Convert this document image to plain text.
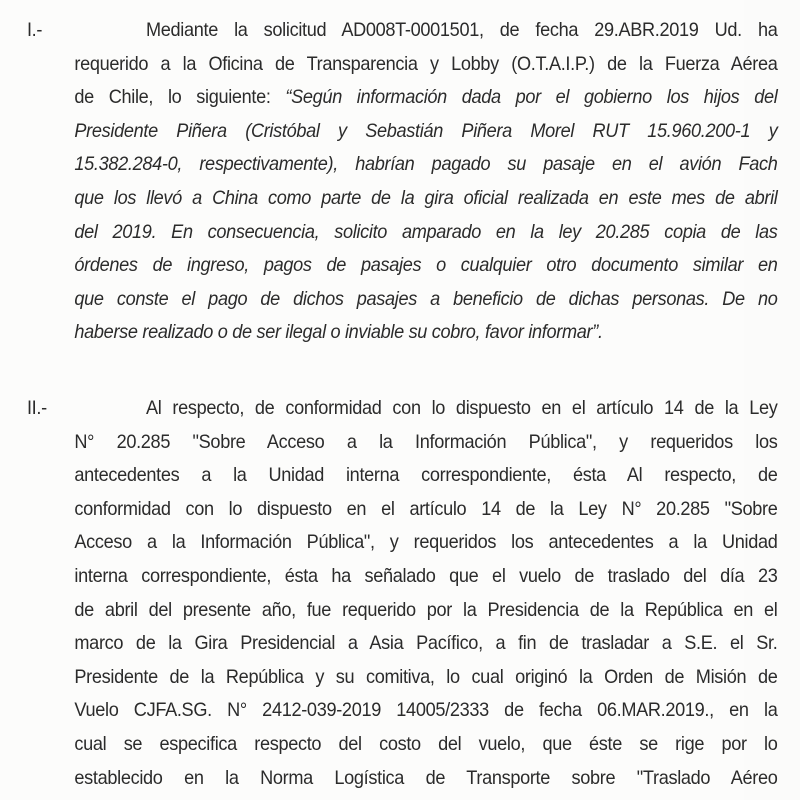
I.-	Mediante la solicitud AD008T-0001501, de fecha 29.ABR.2019 Ud. ha
requerido a la Oficina de Transparencia y Lobby (O.T.A.I.P.) de la Fuerza Aérea
de Chile, lo siguiente: “Según información dada por el gobierno los hijos del
Presidente Piñera (Cristóbal y Sebastián Piñera Morel RUT 15.960.200-1 y
15.382.284-0, respectivamente), habrían pagado su pasaje en el avión Fach
que los llevó a China como parte de la gira oficial realizada en este mes de abril
del 2019. En consecuencia, solicito amparado en la ley 20.285 copia de las
órdenes de ingreso, pagos de pasajes o cualquier otro documento similar en
que conste el pago de dichos pasajes a beneficio de dichas personas. De no
haberse realizado o de ser ilegal o inviable su cobro, favor informar”.
II.-	Al respecto, de conformidad con lo dispuesto en el artículo 14 de la Ley
N° 20.285 "Sobre Acceso a la Información Pública", y requeridos los
antecedentes a la Unidad interna correspondiente, ésta Al respecto, de
conformidad con lo dispuesto en el artículo 14 de la Ley N° 20.285 "Sobre
Acceso a la Información Pública", y requeridos los antecedentes a la Unidad
interna correspondiente, ésta ha señalado que el vuelo de traslado del día 23
de abril del presente año, fue requerido por la Presidencia de la República en el
marco de la Gira Presidencial a Asia Pacífico, a fin de trasladar a S.E. el Sr.
Presidente de la República y su comitiva, lo cual originó la Orden de Misión de
Vuelo CJFA.SG. N° 2412-039-2019 14005/2333 de fecha 06.MAR.2019., en la
cual se especifica respecto del costo del vuelo, que éste se rige por lo
establecido en la Norma Logística de Transporte sobre "Traslado Aéreo
